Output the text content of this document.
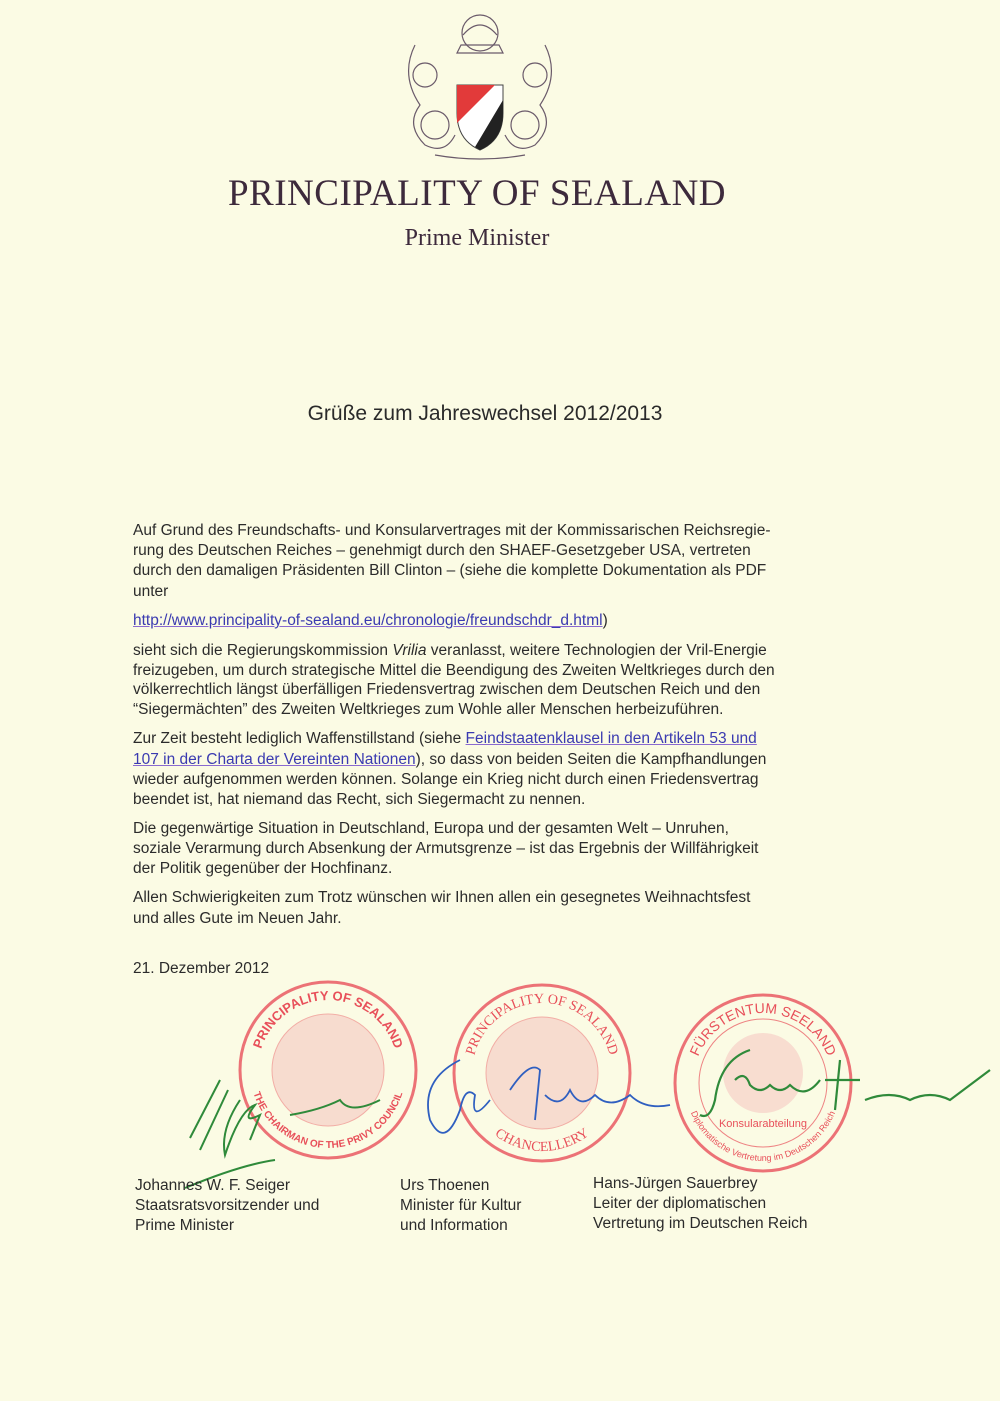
PRINCIPALITY OF SEALAND
Prime Minister
Grüße zum Jahreswechsel 2012/2013
Auf Grund des Freundschafts- und Konsularvertrages mit der Kommissarischen Reichsregie-
rung des Deutschen Reiches – genehmigt durch den SHAEF-Gesetzgeber USA, vertreten
durch den damaligen Präsidenten Bill Clinton – (siehe die komplette Dokumentation als PDF
unter
http://www.principality-of-sealand.eu/chronologie/freundschdr_d.html)
sieht sich die Regierungskommission Vrilia veranlasst, weitere Technologien der Vril-Energie
freizugeben, um durch strategische Mittel die Beendigung des Zweiten Weltkrieges durch den
völkerrechtlich längst überfälligen Friedensvertrag zwischen dem Deutschen Reich und den
“Siegermächten” des Zweiten Weltkrieges zum Wohle aller Menschen herbeizuführen.
Zur Zeit besteht lediglich Waffenstillstand (siehe Feindstaatenklausel in den Artikeln 53 und
107 in der Charta der Vereinten Nationen), so dass von beiden Seiten die Kampfhandlungen
wieder aufgenommen werden können. Solange ein Krieg nicht durch einen Friedensvertrag
beendet ist, hat niemand das Recht, sich Siegermacht zu nennen.
Die gegenwärtige Situation in Deutschland, Europa und der gesamten Welt – Unruhen,
soziale Verarmung durch Absenkung der Armutsgrenze – ist das Ergebnis der Willfährigkeit
der Politik gegenüber der Hochfinanz.
Allen Schwierigkeiten zum Trotz wünschen wir Ihnen allen ein gesegnetes Weihnachtsfest
und alles Gute im Neuen Jahr.
21. Dezember 2012
PRINCIPALITY OF SEALAND
THE CHAIRMAN OF THE PRIVY COUNCIL
PRINCIPALITY OF SEALAND
CHANCELLERY
FÜRSTENTUM SEELAND
Diplomatische Vertretung im Deutschen Reich
Konsularabteilung
Johannes W. F. Seiger
Staatsratsvorsitzender und
Prime Minister
Urs Thoenen
Minister für Kultur
und Information
Hans-Jürgen Sauerbrey
Leiter der diplomatischen
Vertretung im Deutschen Reich
